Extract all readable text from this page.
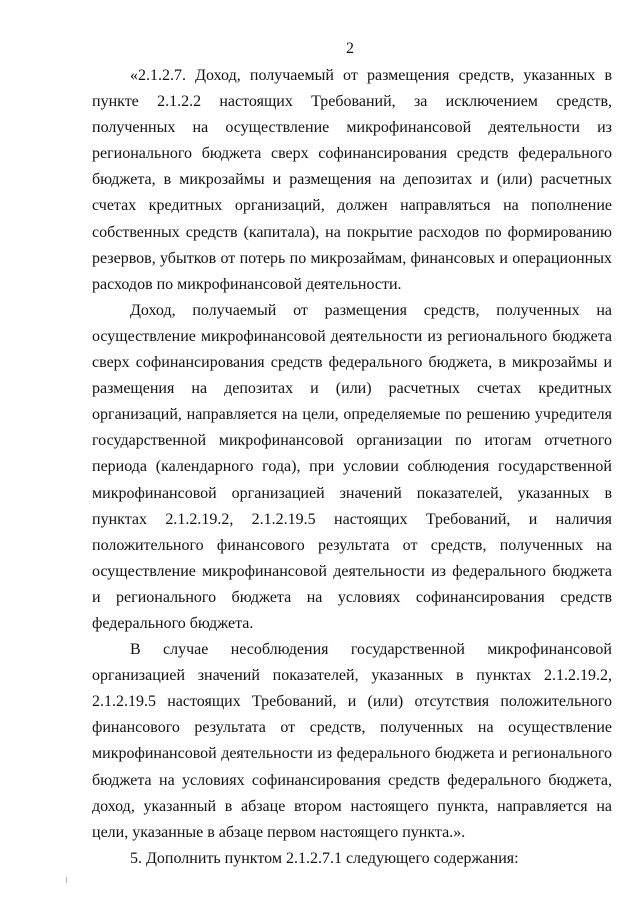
2

«2.1.2.7. Доход, получаемый от размещения средств, указанных в пункте 2.1.2.2 настоящих Требований, за исключением средств, полученных на осуществление микрофинансовой деятельности из регионального бюджета сверх софинансирования средств федерального бюджета, в микрозаймы и размещения на депозитах и (или) расчетных счетах кредитных организаций, должен направляться на пополнение собственных средств (капитала), на покрытие расходов по формированию резервов, убытков от потерь по микрозаймам, финансовых и операционных расходов по микрофинансовой деятельности.

Доход, получаемый от размещения средств, полученных на осуществление микрофинансовой деятельности из регионального бюджета сверх софинансирования средств федерального бюджета, в микрозаймы и размещения на депозитах и (или) расчетных счетах кредитных организаций, направляется на цели, определяемые по решению учредителя государственной микрофинансовой организации по итогам отчетного периода (календарного года), при условии соблюдения государственной микрофинансовой организацией значений показателей, указанных в пунктах 2.1.2.19.2, 2.1.2.19.5 настоящих Требований, и наличия положительного финансового результата от средств, полученных на осуществление микрофинансовой деятельности из федерального бюджета и регионального бюджета на условиях софинансирования средств федерального бюджета.

В случае несоблюдения государственной микрофинансовой организацией значений показателей, указанных в пунктах 2.1.2.19.2, 2.1.2.19.5 настоящих Требований, и (или) отсутствия положительного финансового результата от средств, полученных на осуществление микрофинансовой деятельности из федерального бюджета и регионального бюджета на условиях софинансирования средств федерального бюджета, доход, указанный в абзаце втором настоящего пункта, направляется на цели, указанные в абзаце первом настоящего пункта.».

5. Дополнить пунктом 2.1.2.7.1 следующего содержания:
